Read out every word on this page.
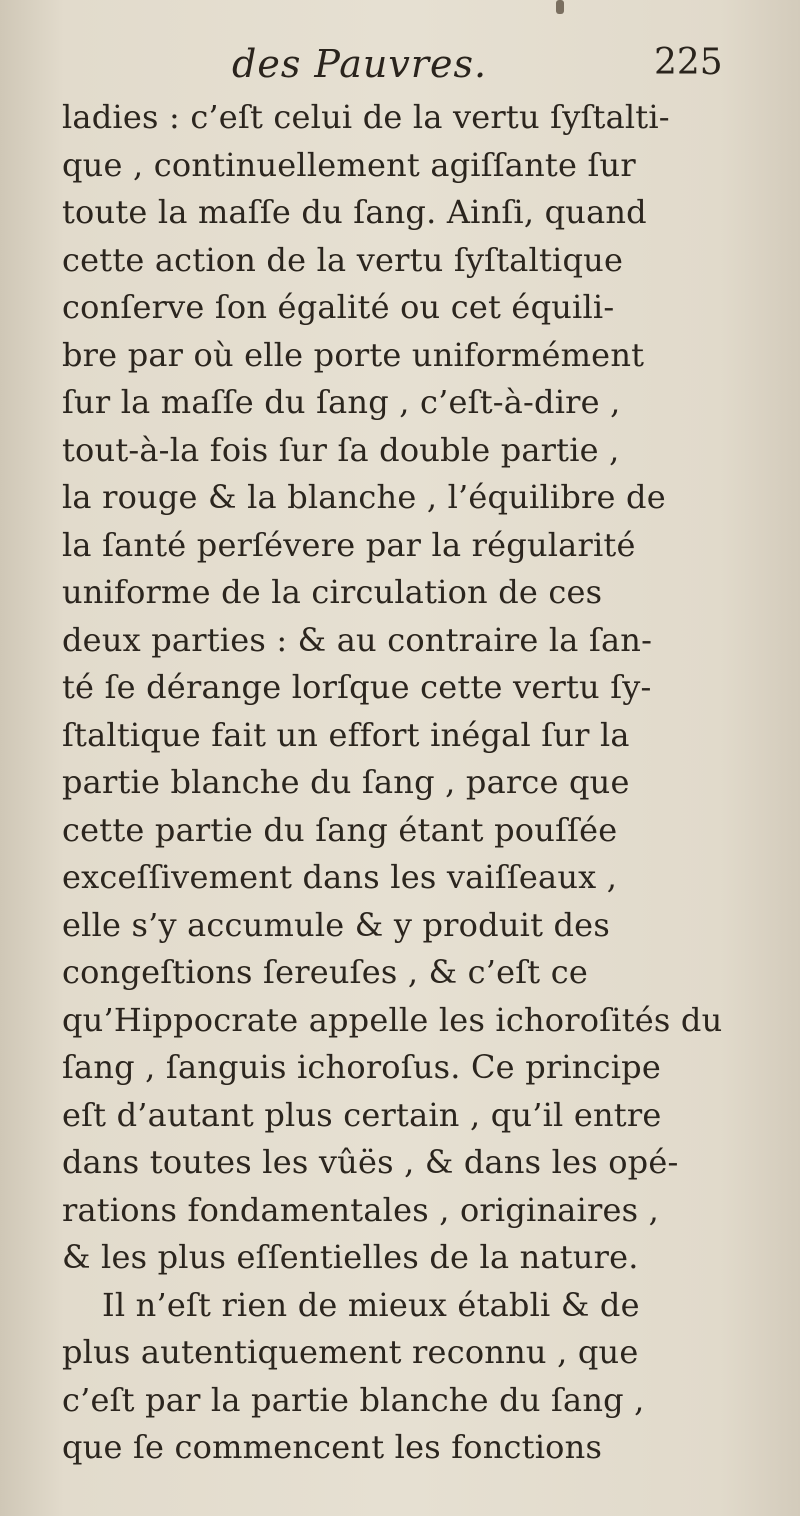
des Pauvres.	225
ladies : c’eſt celui de la vertu ſyſtalti-
que , continuellement agiſſante ſur
toute la maſſe du ſang. Ainſi, quand
cette action de la vertu ſyſtaltique
conſerve ſon égalité ou cet équili-
bre par où elle porte uniformément
ſur la maſſe du ſang , c’eſt-à-dire ,
tout-à-la fois ſur ſa double partie ,
la rouge & la blanche , l’équilibre de
la ſanté perſévere par la régularité
uniforme de la circulation de ces
deux parties : & au contraire la ſan-
té ſe dérange lorſque cette vertu ſy-
ſtaltique fait un effort inégal ſur la
partie blanche du ſang , parce que
cette partie du ſang étant pouſſée
exceſſivement dans les vaiſſeaux ,
elle s’y accumule & y produit des
congeſtions ſereuſes , & c’eſt ce
qu’Hippocrate appelle les ichoroſités du
ſang , ſanguis ichoroſus. Ce principe
eſt d’autant plus certain , qu’il entre
dans toutes les vûës , & dans les opé-
rations fondamentales , originaires ,
& les plus eſſentielles de la nature.
Il n’eſt rien de mieux établi & de
plus autentiquement reconnu , que
c’eſt par la partie blanche du ſang ,
que ſe commencent les fonctions
